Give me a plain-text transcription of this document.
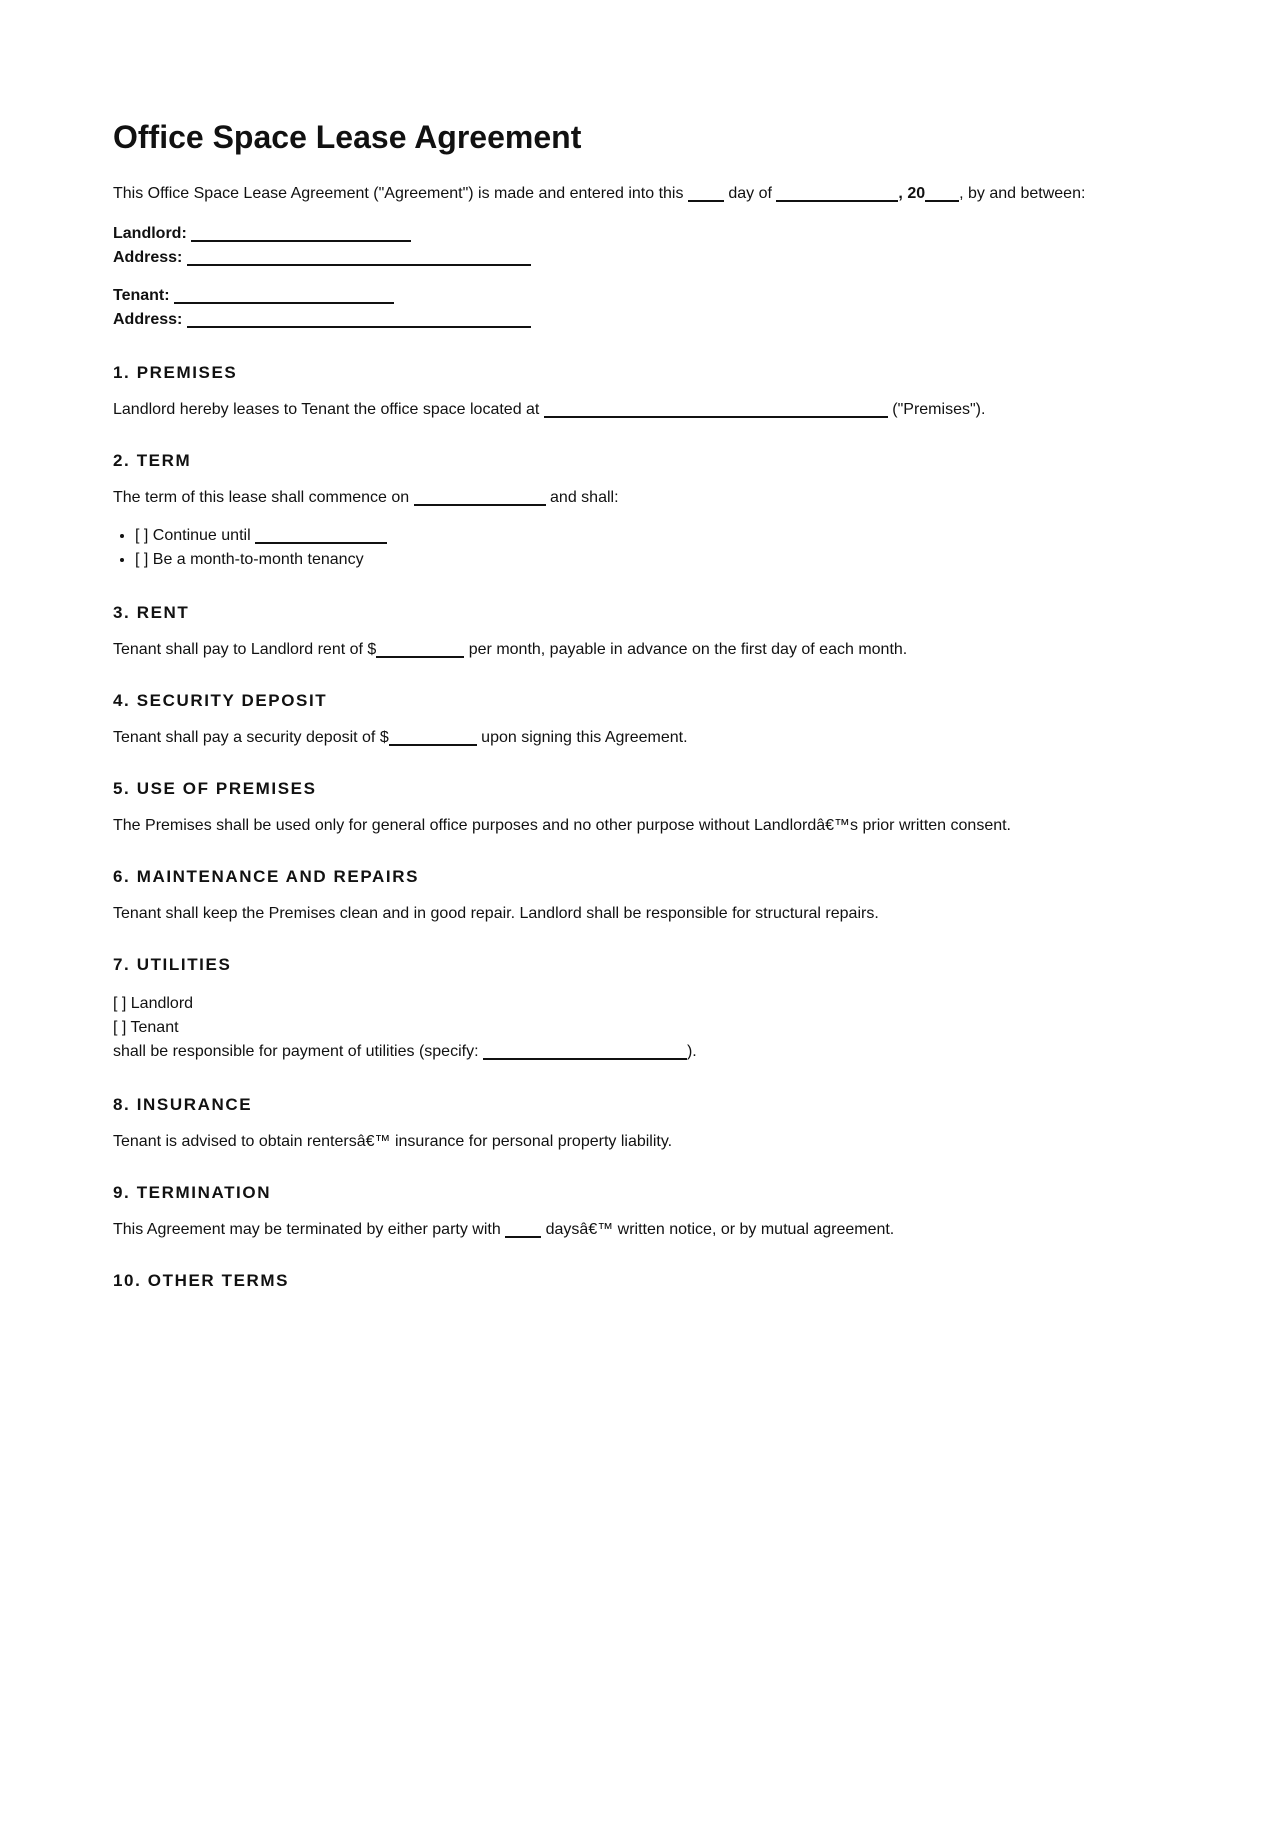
Office Space Lease Agreement

This Office Space Lease Agreement ("Agreement") is made and entered into this  day of	, 20 , by and between:

Landlord:
Address:
Tenant:
Address:
1. PREMISES

Landlord hereby leases to Tenant the office space located at	("Premises").

2. TERM

The term of this lease shall commence on	and shall:

• [ ] Continue until
• [ ] Be a month-to-month tenancy
3. RENT

Tenant shall pay to Landlord rent of $	per month, payable in advance on the first day of each month.

4. SECURITY DEPOSIT

Tenant shall pay a security deposit of $	upon signing this Agreement.

5. USE OF PREMISES

The Premises shall be used only for general office purposes and no other purpose without Landlordâ€™s prior written consent.

6. MAINTENANCE AND REPAIRS

Tenant shall keep the Premises clean and in good repair. Landlord shall be responsible for structural repairs.

7. UTILITIES
[ ] Landlord
[ ] Tenant
shall be responsible for payment of utilities (specify:	).
8. INSURANCE

Tenant is advised to obtain rentersâ€™ insurance for personal property liability.

9. TERMINATION

This Agreement may be terminated by either party with  daysâ€™ written notice, or by mutual agreement.

10. OTHER TERMS
